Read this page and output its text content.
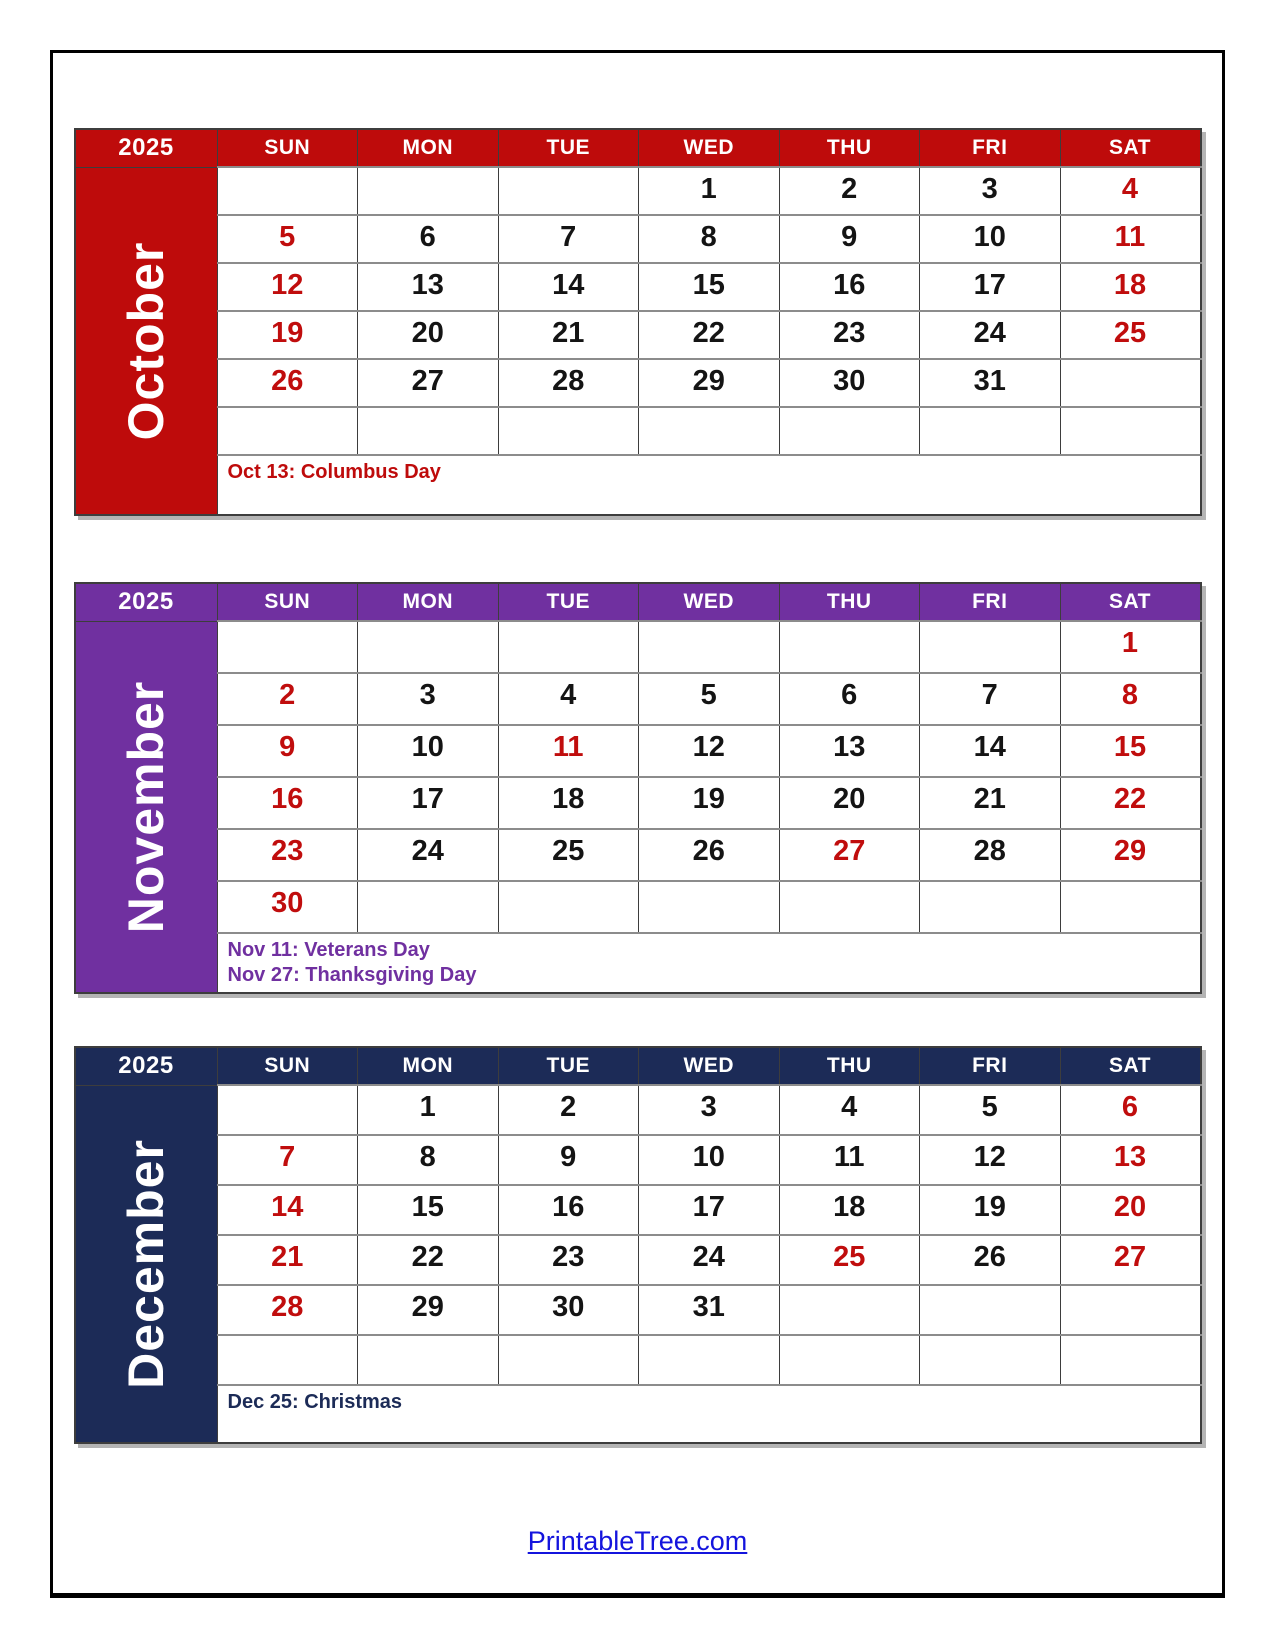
2025	SUN	MON	TUE	WED	THU	FRI	SAT

October				1	2	3	4
	5	6	7	8	9	10	11
	12	13	14	15	16	17	18
	19	20	21	22	23	24	25
	26	27	28	29	30	31	

	Oct 13: Columbus Day						
2025	SUN	MON	TUE	WED	THU	FRI	SAT

November							1
	2	3	4	5	6	7	8
	9	10	11	12	13	14	15
	16	17	18	19	20	21	22
	23	24	25	26	27	28	29
	30						

	Nov 11: Veterans Day
Nov 27: Thanksgiving Day						
2025	SUN	MON	TUE	WED	THU	FRI	SAT

December		1	2	3	4	5	6
	7	8	9	10	11	12	13
	14	15	16	17	18	19	20
	21	22	23	24	25	26	27
	28	29	30	31			

	Dec 25: Christmas						
PrintableTree.com
